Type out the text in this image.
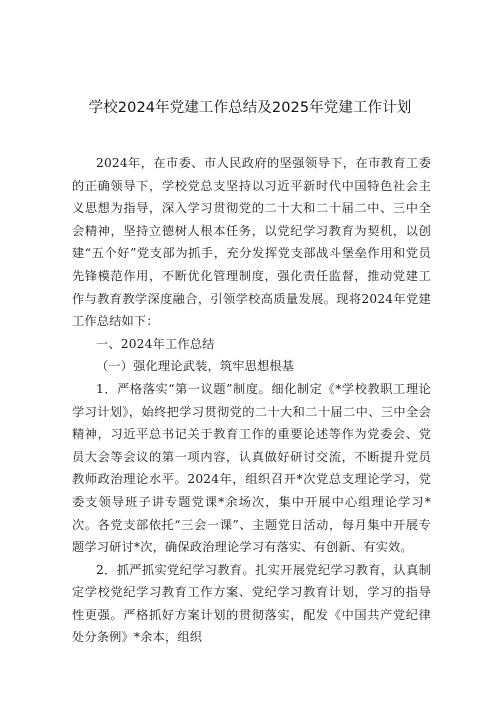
学校2024年党建工作总结及2025年党建工作计划

2024年，在市委、市人民政府的坚强领导下，在市教育工委的正确领导下，学校党总支坚持以习近平新时代中国特色社会主义思想为指导，深入学习贯彻党的二十大和二十届二中、三中全会精神，坚持立德树人根本任务，以党纪学习教育为契机，以创建“五个好”党支部为抓手，充分发挥党支部战斗堡垒作用和党员先锋模范作用，不断优化管理制度，强化责任监督，推动党建工作与教育教学深度融合，引领学校高质量发展。现将2024年党建工作总结如下：

一、2024年工作总结

（一）强化理论武装，筑牢思想根基

1．严格落实“第一议题”制度。细化制定《*学校教职工理论学习计划》，始终把学习贯彻党的二十大和二十届二中、三中全会精神，习近平总书记关于教育工作的重要论述等作为党委会、党员大会等会议的第一项内容，认真做好研讨交流，不断提升党员教师政治理论水平。2024年，组织召开*次党总支理论学习，党委支领导班子讲专题党课*余场次，集中开展中心组理论学习*次。各党支部依托“三会一课”、主题党日活动，每月集中开展专题学习研讨*次，确保政治理论学习有落实、有创新、有实效。

2．抓严抓实党纪学习教育。扎实开展党纪学习教育，认真制定学校党纪学习教育工作方案、党纪学习教育计划，学习的指导性更强。严格抓好方案计划的贯彻落实，配发《中国共产党纪律处分条例》*余本，组织
